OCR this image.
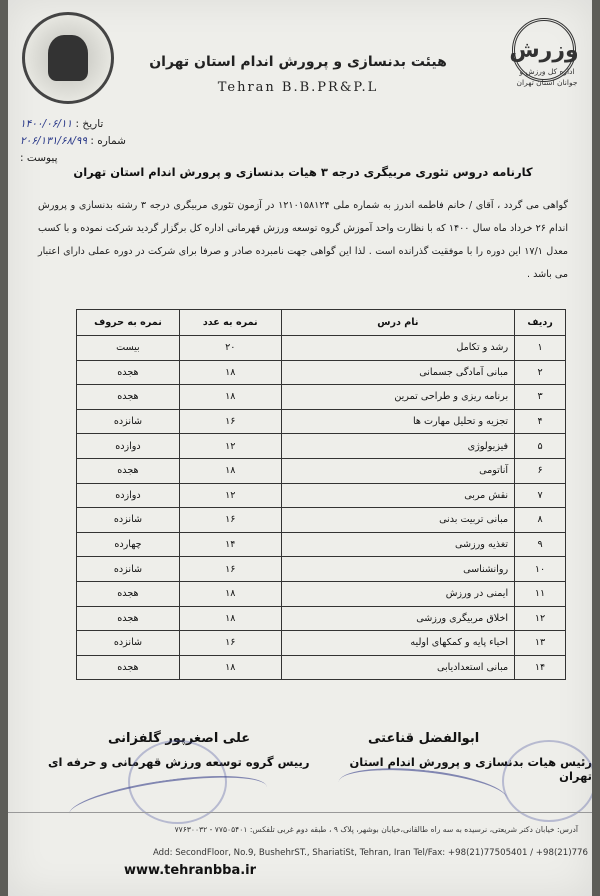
وزرش
اداره کل ورزش و جوانان استان تهران
هیئت بدنسازی و پرورش اندام استان تهران
Tehran B.B.PR&P.L
تاریخ : ۱۴۰۰/۰۶/۱۱
شماره : ۲۰۶/۱۳۱/۶۸/۹۹
پیوست :
کارنامه دروس تئوری مربیگری درجه ۳ هیات بدنسازی و پرورش اندام استان تهران
گواهی می گردد ، آقای / خانم فاطمه اندرز به شماره ملی ۱۲۱۰۱۵۸۱۲۴ در آزمون تئوری مربیگری درجه ۳ رشته بدنسازی و پرورش اندام ۲۶ خرداد ماه سال ۱۴۰۰ که با نظارت واحد آموزش گروه توسعه ورزش قهرمانی اداره کل برگزار گردید شرکت نموده و با کسب معدل ۱۷/۱ این دوره را با موفقیت گذرانده است . لذا این گواهی جهت نامبرده صادر و صرفا برای شرکت در دوره عملی دارای اعتبار می باشد .
ردیف	نام درس	نمره به عدد	نمره به حروف
۱	رشد و تکامل	۲۰	بیست
۲	مبانی آمادگی جسمانی	۱۸	هجده
۳	برنامه ریزی و طراحی تمرین	۱۸	هجده
۴	تجزیه و تحلیل مهارت ها	۱۶	شانزده
۵	فیزیولوژی	۱۲	دوازده
۶	آناتومی	۱۸	هجده
۷	نقش مربی	۱۲	دوازده
۸	مبانی تربیت بدنی	۱۶	شانزده
۹	تغذیه ورزشی	۱۴	چهارده
۱۰	روانشناسی	۱۶	شانزده
۱۱	ایمنی در ورزش	۱۸	هجده
۱۲	اخلاق مربیگری ورزشی	۱۸	هجده
۱۳	احیاء پایه و کمکهای اولیه	۱۶	شانزده
۱۴	مبانی استعدادیابی	۱۸	هجده
علی اصغرپور گلفزانی
رییس گروه توسعه ورزش قهرمانی و حرفه ای
ابوالفضل قناعتی
رئیس هیات بدنسازی و پرورش اندام استان تهران
آدرس: خیابان دکتر شریعتی، نرسیده به سه راه طالقانی،خیابان بوشهر، پلاک ۹ ، طبقه دوم غربی تلفکس: ۷۷۵۰۵۴۰۱ - ۷۷۶۳۰۰۳۲
Add: SecondFloor, No.9, BushehrST., ShariatiSt, Tehran, Iran Tel/Fax: +98(21)77505401 / +98(21)776
www.tehranbba.ir
